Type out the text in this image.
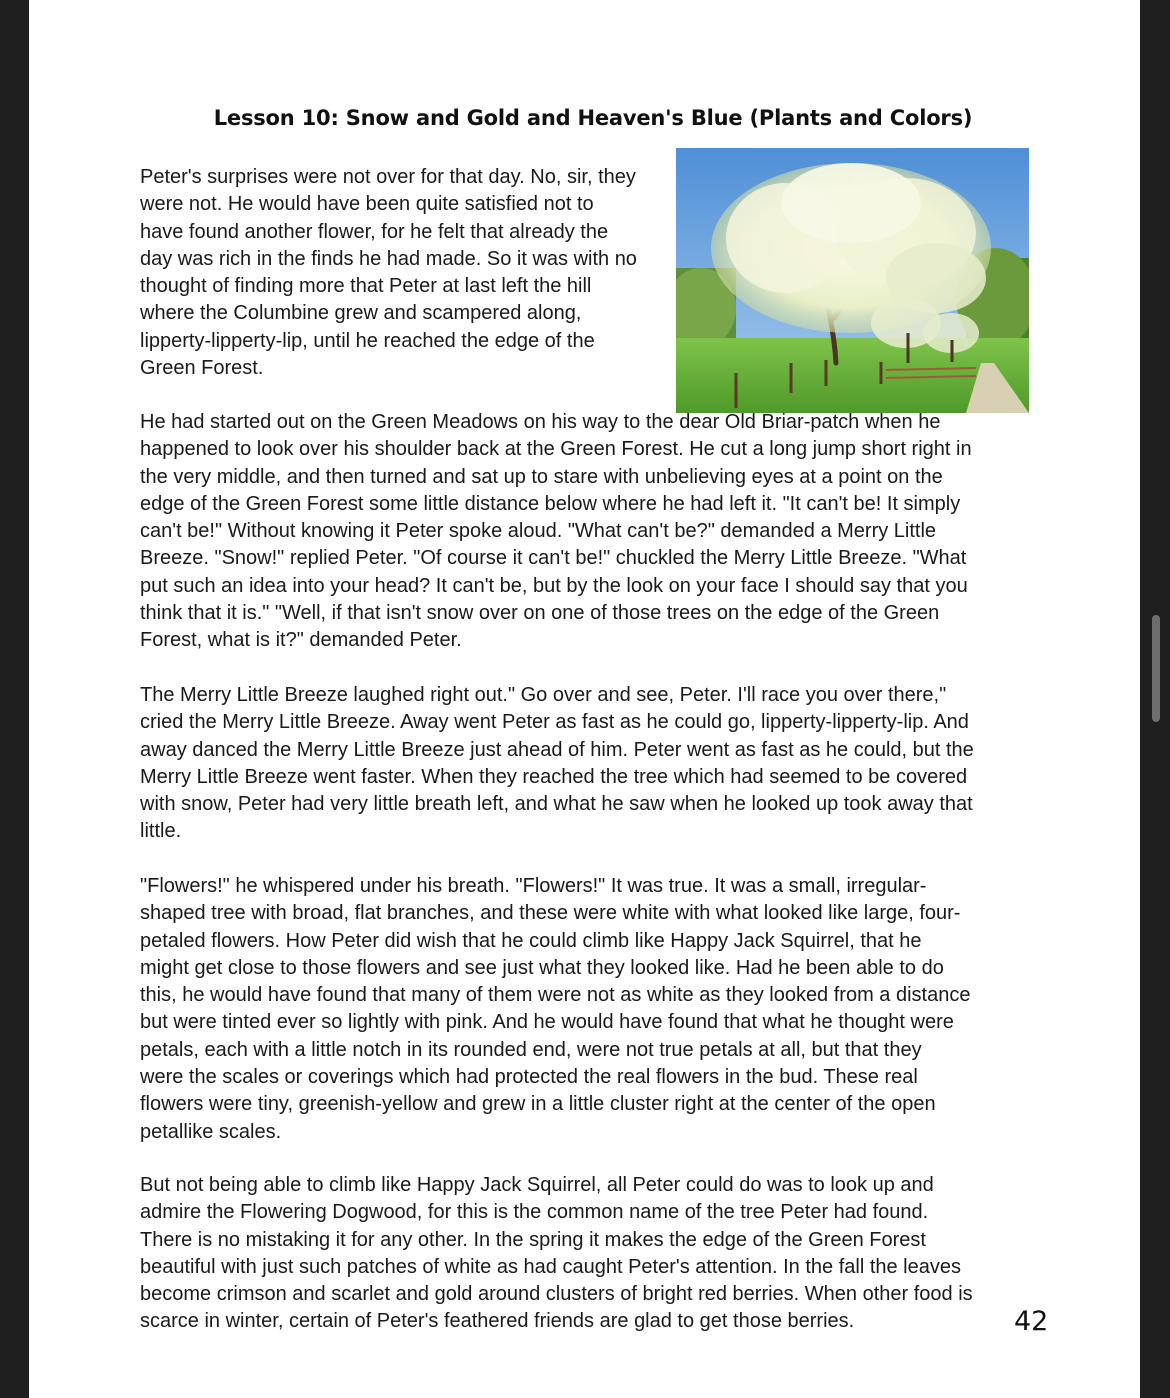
Lesson 10: Snow and Gold and Heaven's Blue (Plants and Colors)

Peter's surprises were not over for that day. No, sir, they
were not. He would have been quite satisfied not to
have found another flower, for he felt that already the
day was rich in the finds he had made. So it was with no
thought of finding more that Peter at last left the hill
where the Columbine grew and scampered along,
lipperty-lipperty-lip, until he reached the edge of the
Green Forest.

He had started out on the Green Meadows on his way to the dear Old Briar-patch when he
happened to look over his shoulder back at the Green Forest. He cut a long jump short right in
the very middle, and then turned and sat up to stare with unbelieving eyes at a point on the
edge of the Green Forest some little distance below where he had left it. "It can't be! It simply
can't be!" Without knowing it Peter spoke aloud. "What can't be?" demanded a Merry Little
Breeze. "Snow!" replied Peter. "Of course it can't be!" chuckled the Merry Little Breeze. "What
put such an idea into your head? It can't be, but by the look on your face I should say that you
think that it is." "Well, if that isn't snow over on one of those trees on the edge of the Green
Forest, what is it?" demanded Peter.

The Merry Little Breeze laughed right out." Go over and see, Peter. I'll race you over there,"
cried the Merry Little Breeze. Away went Peter as fast as he could go, lipperty-lipperty-lip. And
away danced the Merry Little Breeze just ahead of him. Peter went as fast as he could, but the
Merry Little Breeze went faster. When they reached the tree which had seemed to be covered
with snow, Peter had very little breath left, and what he saw when he looked up took away that
little.

"Flowers!" he whispered under his breath. "Flowers!" It was true. It was a small, irregular-
shaped tree with broad, flat branches, and these were white with what looked like large, four-
petaled flowers. How Peter did wish that he could climb like Happy Jack Squirrel, that he
might get close to those flowers and see just what they looked like. Had he been able to do
this, he would have found that many of them were not as white as they looked from a distance
but were tinted ever so lightly with pink. And he would have found that what he thought were
petals, each with a little notch in its rounded end, were not true petals at all, but that they
were the scales or coverings which had protected the real flowers in the bud. These real
flowers were tiny, greenish-yellow and grew in a little cluster right at the center of the open
petallike scales.

But not being able to climb like Happy Jack Squirrel, all Peter could do was to look up and
admire the Flowering Dogwood, for this is the common name of the tree Peter had found.
There is no mistaking it for any other. In the spring it makes the edge of the Green Forest
beautiful with just such patches of white as had caught Peter's attention. In the fall the leaves
become crimson and scarlet and gold around clusters of bright red berries. When other food is
scarce in winter, certain of Peter's feathered friends are glad to get those berries.	42
